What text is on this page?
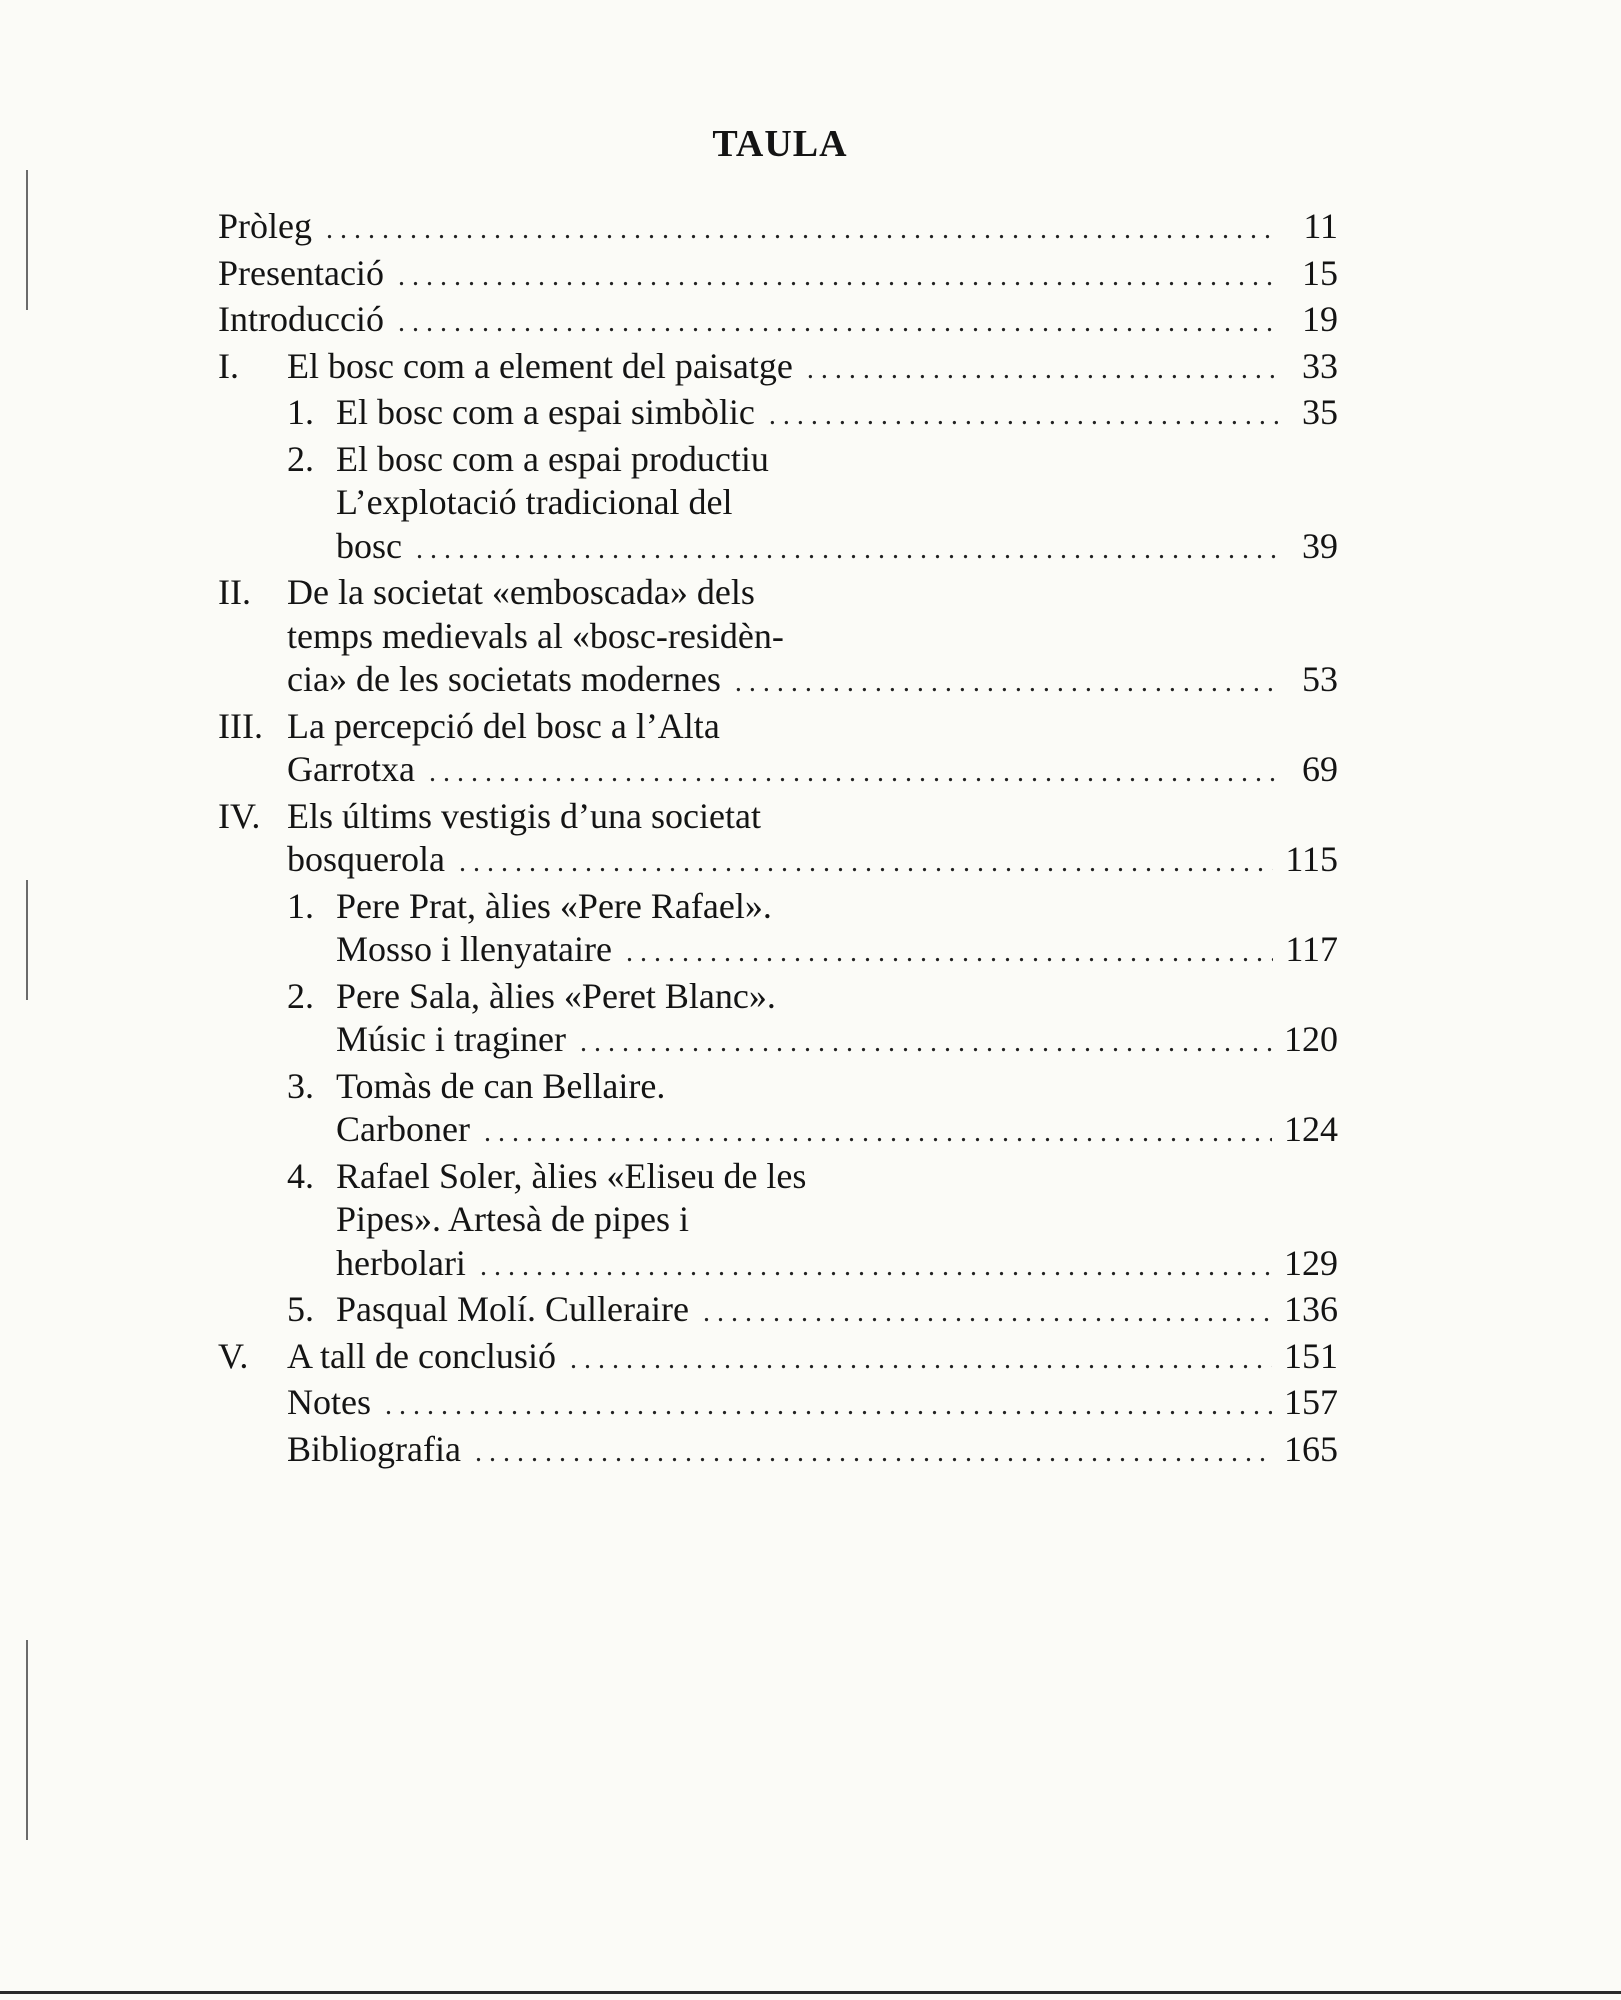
TAULA
Pròleg . . .	11
Presentació . . .	15
Introducció . . .	19
I.	El bosc com a element del paisatge . . .	33
1. El bosc com a espai simbòlic . . .	35
2. El bosc com a espai productiu
L’explotació tradicional del
bosc . . .	39
II.	De la societat «emboscada» dels
temps medievals al «bosc-residèn-
cia» de les societats modernes . . .	53
III. La percepció del bosc a l’Alta
Garrotxa . . .	69
IV. Els últims vestigis d’una societat
bosquerola . . .	115
1. Pere Prat, àlies «Pere Rafael».
Mosso i llenyataire . . .	117
2. Pere Sala, àlies «Peret Blanc».
Músic i traginer . . .	120
3. Tomàs de can Bellaire.
Carboner . . .	124
4. Rafael Soler, àlies «Eliseu de les
Pipes». Artesà de pipes i
herbolari . . .	129
5. Pasqual Molí. Culleraire . . .	136
V.	A tall de conclusió . . .	151
Notes . . .	157
Bibliografia . . .	165
